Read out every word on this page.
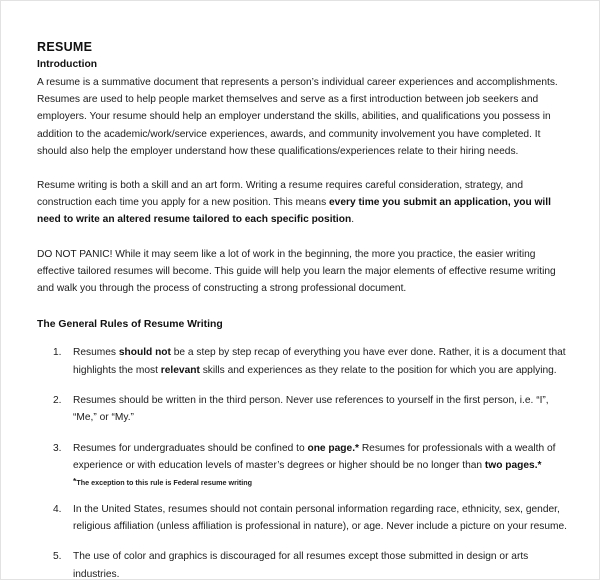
RESUME
Introduction

A resume is a summative document that represents a person’s individual career experiences and accomplishments. Resumes are used to help people market themselves and serve as a first introduction between job seekers and employers. Your resume should help an employer understand the skills, abilities, and qualifications you possess in addition to the academic/work/service experiences, awards, and community involvement you have completed. It should also help the employer understand how these qualifications/experiences relate to their hiring needs.

Resume writing is both a skill and an art form. Writing a resume requires careful consideration, strategy, and construction each time you apply for a new position. This means every time you submit an application, you will need to write an altered resume tailored to each specific position.

DO NOT PANIC! While it may seem like a lot of work in the beginning, the more you practice, the easier writing effective tailored resumes will become. This guide will help you learn the major elements of effective resume writing and walk you through the process of constructing a strong professional document.

The General Rules of Resume Writing
1.	Resumes should not be a step by step recap of everything you have ever done. Rather, it is a document that highlights the most relevant skills and experiences as they relate to the position for which you are applying.
2.	Resumes should be written in the third person. Never use references to yourself in the first person, i.e. “I”, “Me,” or “My.”
3.	Resumes for undergraduates should be confined to one page.* Resumes for professionals with a wealth of experience or with education levels of master’s degrees or higher should be no longer than two pages.*
*The exception to this rule is Federal resume writing
4.	In the United States, resumes should not contain personal information regarding race, ethnicity, sex, gender, religious affiliation (unless affiliation is professional in nature), or age. Never include a picture on your resume.
5.	The use of color and graphics is discouraged for all resumes except those submitted in design or arts industries.
